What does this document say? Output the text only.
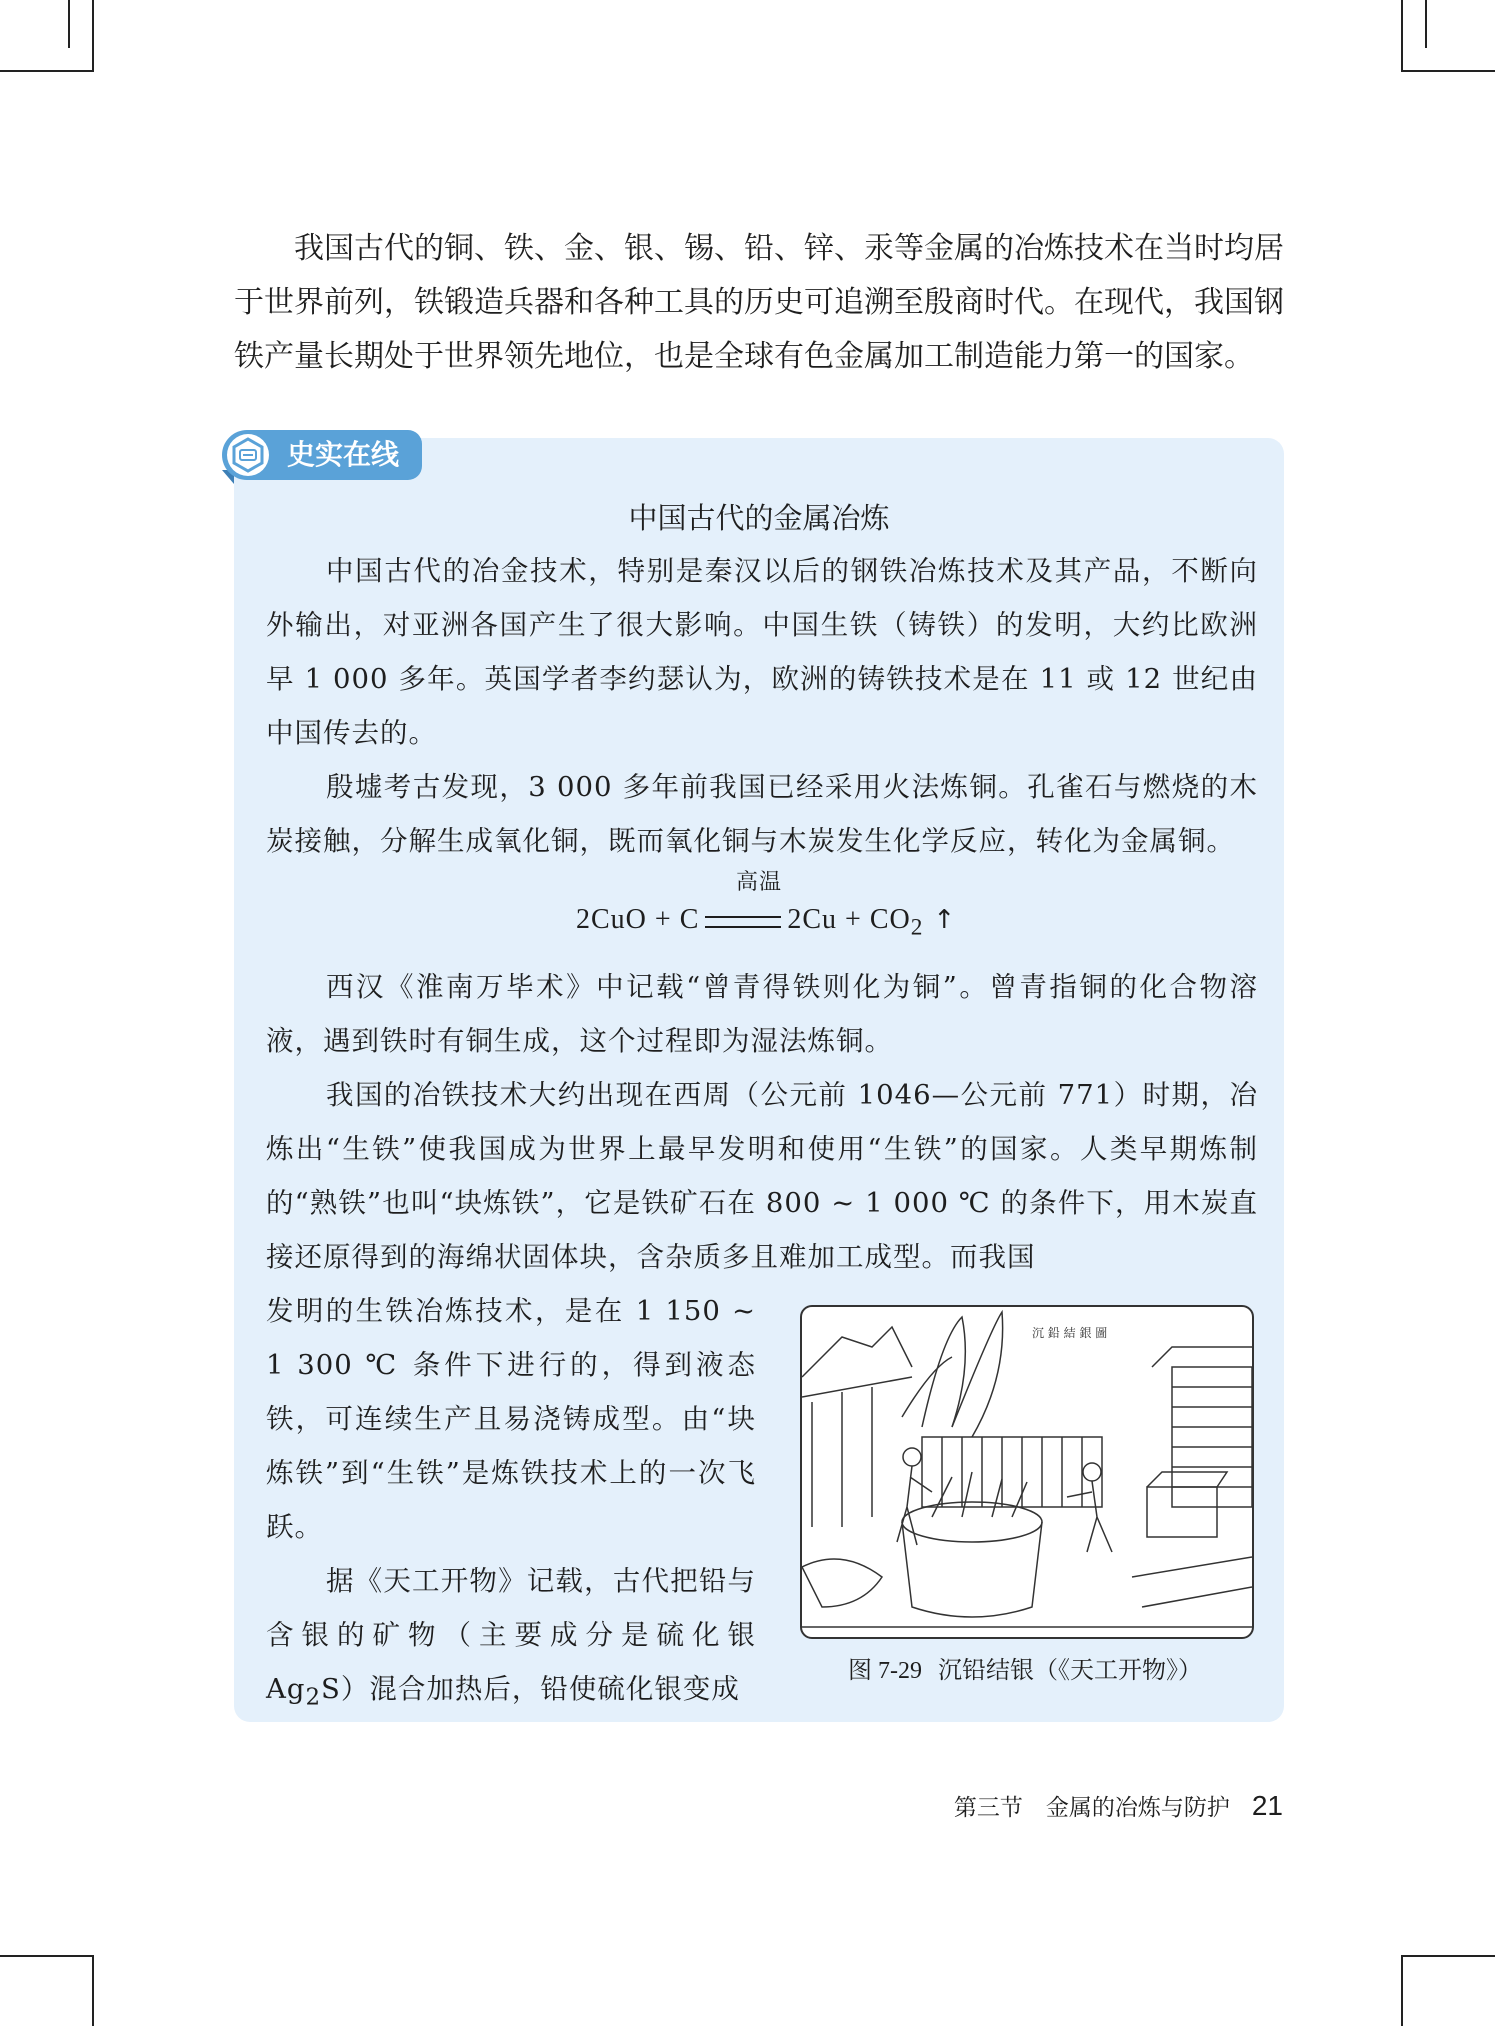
我国古代的铜、铁、金、银、锡、铅、锌、汞等金属的冶炼技术在当时均居于世界前列，铁锻造兵器和各种工具的历史可追溯至殷商时代。在现代，我国钢铁产量长期处于世界领先地位，也是全球有色金属加工制造能力第一的国家。

史实在线
中国古代的金属冶炼

中国古代的冶金技术，特别是秦汉以后的钢铁冶炼技术及其产品，不断向外输出，对亚洲各国产生了很大影响。中国生铁（铸铁）的发明，大约比欧洲早 1 000 多年。英国学者李约瑟认为，欧洲的铸铁技术是在 11 或 12 世纪由中国传去的。

殷墟考古发现，3 000 多年前我国已经采用火法炼铜。孔雀石与燃烧的木炭接触，分解生成氧化铜，既而氧化铜与木炭发生化学反应，转化为金属铜。

高温
2CuO + C	$2Cu + CO_2$ ↑

西汉《淮南万毕术》中记载“曾青得铁则化为铜”。曾青指铜的化合物溶液，遇到铁时有铜生成，这个过程即为湿法炼铜。

我国的冶铁技术大约出现在西周（公元前 1046—公元前 771）时期，冶炼出“生铁”使我国成为世界上最早发明和使用“生铁”的国家。人类早期炼制的“熟铁”也叫“块炼铁”，它是铁矿石在 800 ~ 1 000 ℃ 的条件下，用木炭直接还原得到的海绵状固体块，含杂质多且难加工成型。而我国

发明的生铁冶炼技术，是在 1 150 ~ 1 300 ℃ 条件下进行的，得到液态铁，可连续生产且易浇铸成型。由“块炼铁”到“生铁”是炼铁技术上的一次飞跃。

据《天工开物》记载，古代把铅与含银的矿物（主要成分是硫化银 $Ag_2S$）混合加热后，铅使硫化银变成

沉 鉛 結 銀 圖
图 7-29 沉铅结银（《天工开物》）
第三节　金属的冶炼与防护 21
